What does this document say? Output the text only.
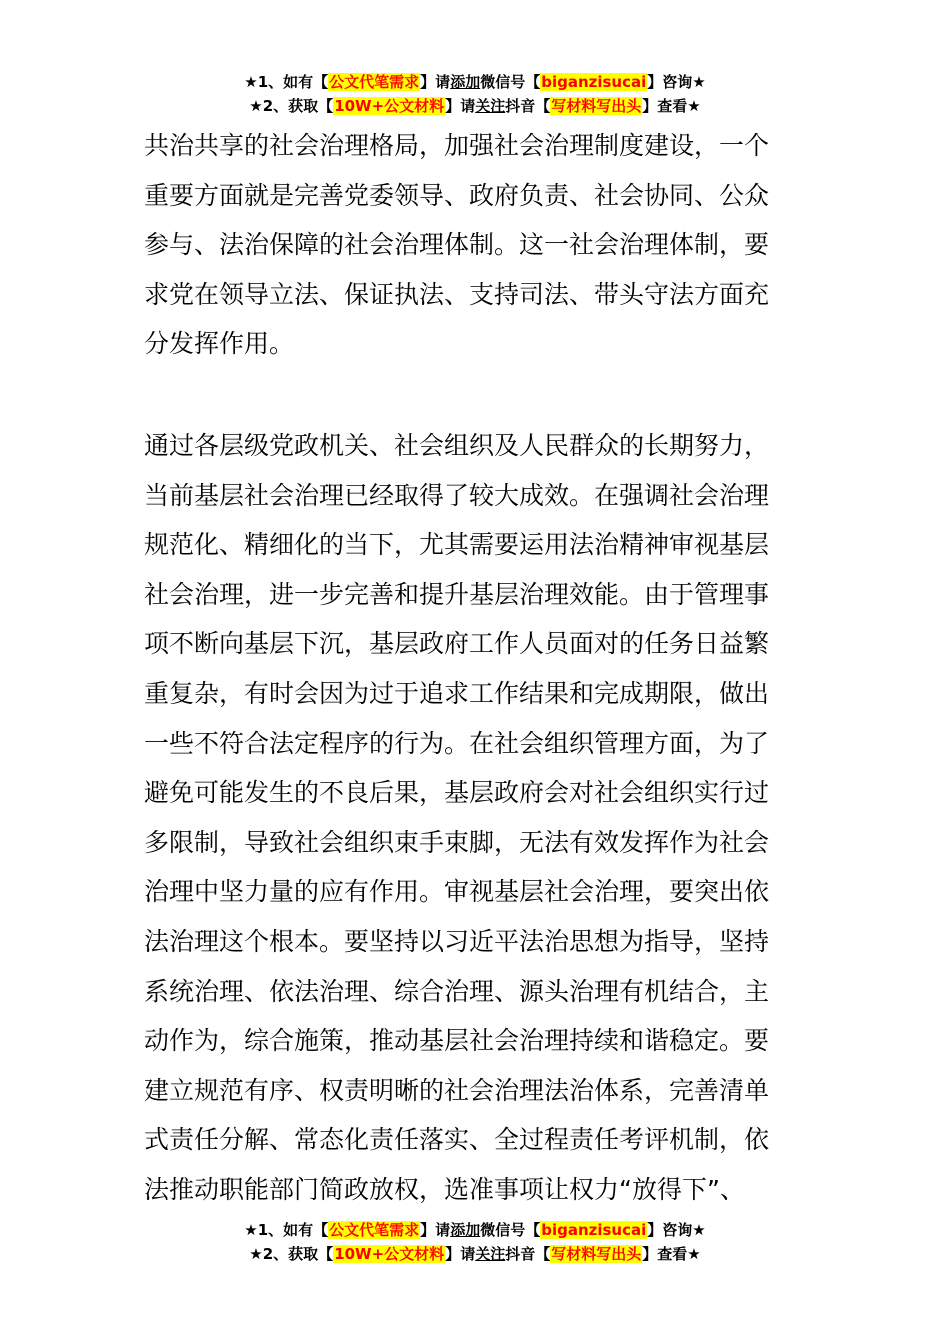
★1、如有【公文代笔需求】请添加微信号【biganzisucai】咨询★
★2、获取【10W+公文材料】请关注抖音【写材料写出头】查看★
共治共享的社会治理格局，加强社会治理制度建设，一个
重要方面就是完善党委领导、政府负责、社会协同、公众
参与、法治保障的社会治理体制。这一社会治理体制，要
求党在领导立法、保证执法、支持司法、带头守法方面充
分发挥作用。
通过各层级党政机关、社会组织及人民群众的长期努力，
当前基层社会治理已经取得了较大成效。在强调社会治理
规范化、精细化的当下，尤其需要运用法治精神审视基层
社会治理，进一步完善和提升基层治理效能。由于管理事
项不断向基层下沉，基层政府工作人员面对的任务日益繁
重复杂，有时会因为过于追求工作结果和完成期限，做出
一些不符合法定程序的行为。在社会组织管理方面，为了
避免可能发生的不良后果，基层政府会对社会组织实行过
多限制，导致社会组织束手束脚，无法有效发挥作为社会
治理中坚力量的应有作用。审视基层社会治理，要突出依
法治理这个根本。要坚持以习近平法治思想为指导，坚持
系统治理、依法治理、综合治理、源头治理有机结合，主
动作为，综合施策，推动基层社会治理持续和谐稳定。要
建立规范有序、权责明晰的社会治理法治体系，完善清单
式责任分解、常态化责任落实、全过程责任考评机制，依
法推动职能部门简政放权，选准事项让权力“放得下”、
★1、如有【公文代笔需求】请添加微信号【biganzisucai】咨询★
★2、获取【10W+公文材料】请关注抖音【写材料写出头】查看★
